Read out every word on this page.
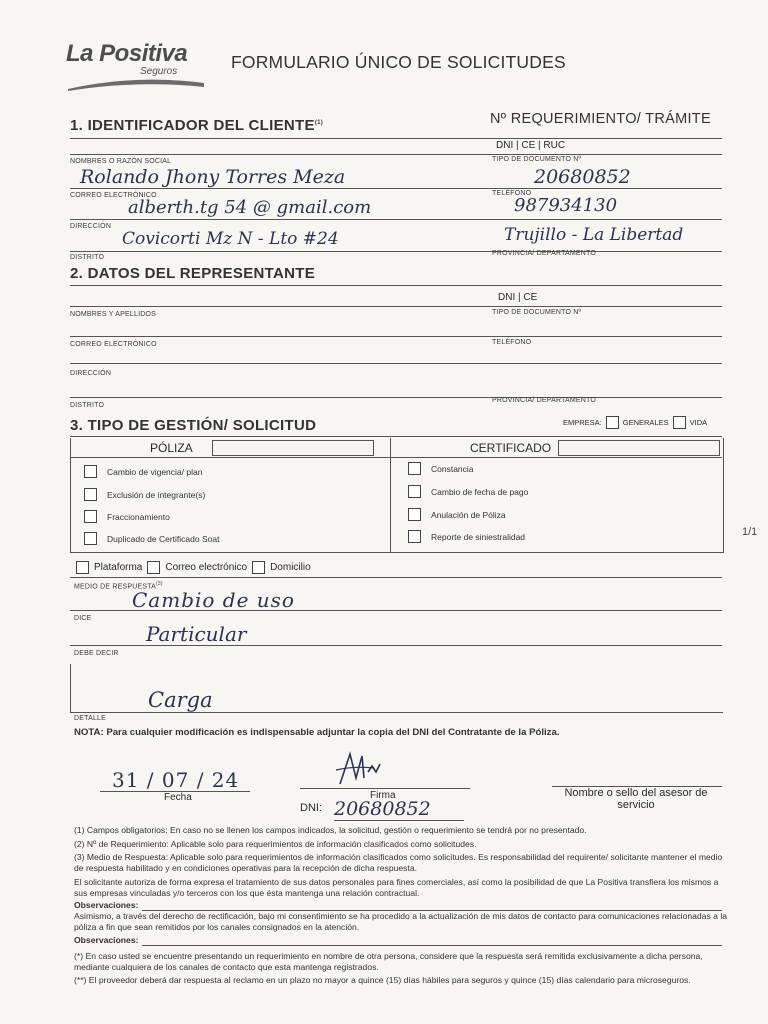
La Positiva
Seguros	FORMULARIO ÚNICO DE SOLICITUDES
1/1
1. IDENTIFICADOR DEL CLIENTE$^{(1)}$	Nº REQUERIMIENTO/ TRÁMITE
DNI | CE | RUC
NOMBRES O RAZÓN SOCIAL	TIPO DE DOCUMENTO Nº
Rolando Jhony Torres Meza	20680852
CORREO ELECTRÓNICO	TELÉFONO
alberth.tg 54 @ gmail.com	987934130
DIRECCIÓN
Covicorti Mz N - Lto #24	Trujillo - La Libertad
DISTRITO
PROVINCIA/ DEPARTAMENTO
2. DATOS DEL REPRESENTANTE
DNI | CE
NOMBRES Y APELLIDOS	TIPO DE DOCUMENTO Nº
CORREO ELECTRÓNICO	TELÉFONO
DIRECCIÓN
DISTRITO
PROVINCIA/ DEPARTAMENTO
3. TIPO DE GESTIÓN/ SOLICITUD	EMPRESA:	GENERALES	VIDA
PÓLIZA	CERTIFICADO
Cambio de vigencia/ plan
Exclusión de integrante(s)
Fraccionamiento
Duplicado de Certificado Soat
Constancia
Cambio de fecha de pago
Anulación de Póliza
Reporte de siniestralidad
Plataforma Correo electrónico Domicilio
MEDIO DE RESPUESTA$^{(3)}$
Cambio de uso
DICE
Particular
DEBE DECIR
Carga
DETALLE
NOTA: Para cualquier modificación es indispensable adjuntar la copia del DNI del Contratante de la Póliza.
31 / 07 / 24
Fecha	Firma
DNI: 20680852
Nombre o sello del asesor de servicio
(1) Campos obligatorios: En caso no se llenen los campos indicados, la solicitud, gestión o requerimiento se tendrá por no presentado.
(2) Nº de Requerimiento: Aplicable solo para requerimientos de información clasificados como solicitudes.
(3) Medio de Respuesta: Aplicable solo para requerimientos de información clasificados como solicitudes. Es responsabilidad del requirente/ solicitante mantener el medio de respuesta habilitado y en condiciones operativas para la recepción de dicha respuesta.
El solicitante autoriza de forma expresa el tratamiento de sus datos personales para fines comerciales, así como la posibilidad de que La Positiva transfiera los mismos a sus empresas vinculadas y/o terceros con los que ésta mantenga una relación contractual.
Observaciones:
Asimismo, a través del derecho de rectificación, bajo mi consentimiento se ha procedido a la actualización de mis datos de contacto para comunicaciones relacionadas a la póliza a fin que sean remitidos por los canales consignados en la atención.
Observaciones:
(*) En caso usted se encuentre presentando un requerimiento en nombre de otra persona, considere que la respuesta será remitida exclusivamente a dicha persona, mediante cualquiera de los canales de contacto que esta mantenga registrados.
(**) El proveedor deberá dar respuesta al reclamo en un plazo no mayor a quince (15) días hábiles para seguros y quince (15) días calendario para microseguros.
